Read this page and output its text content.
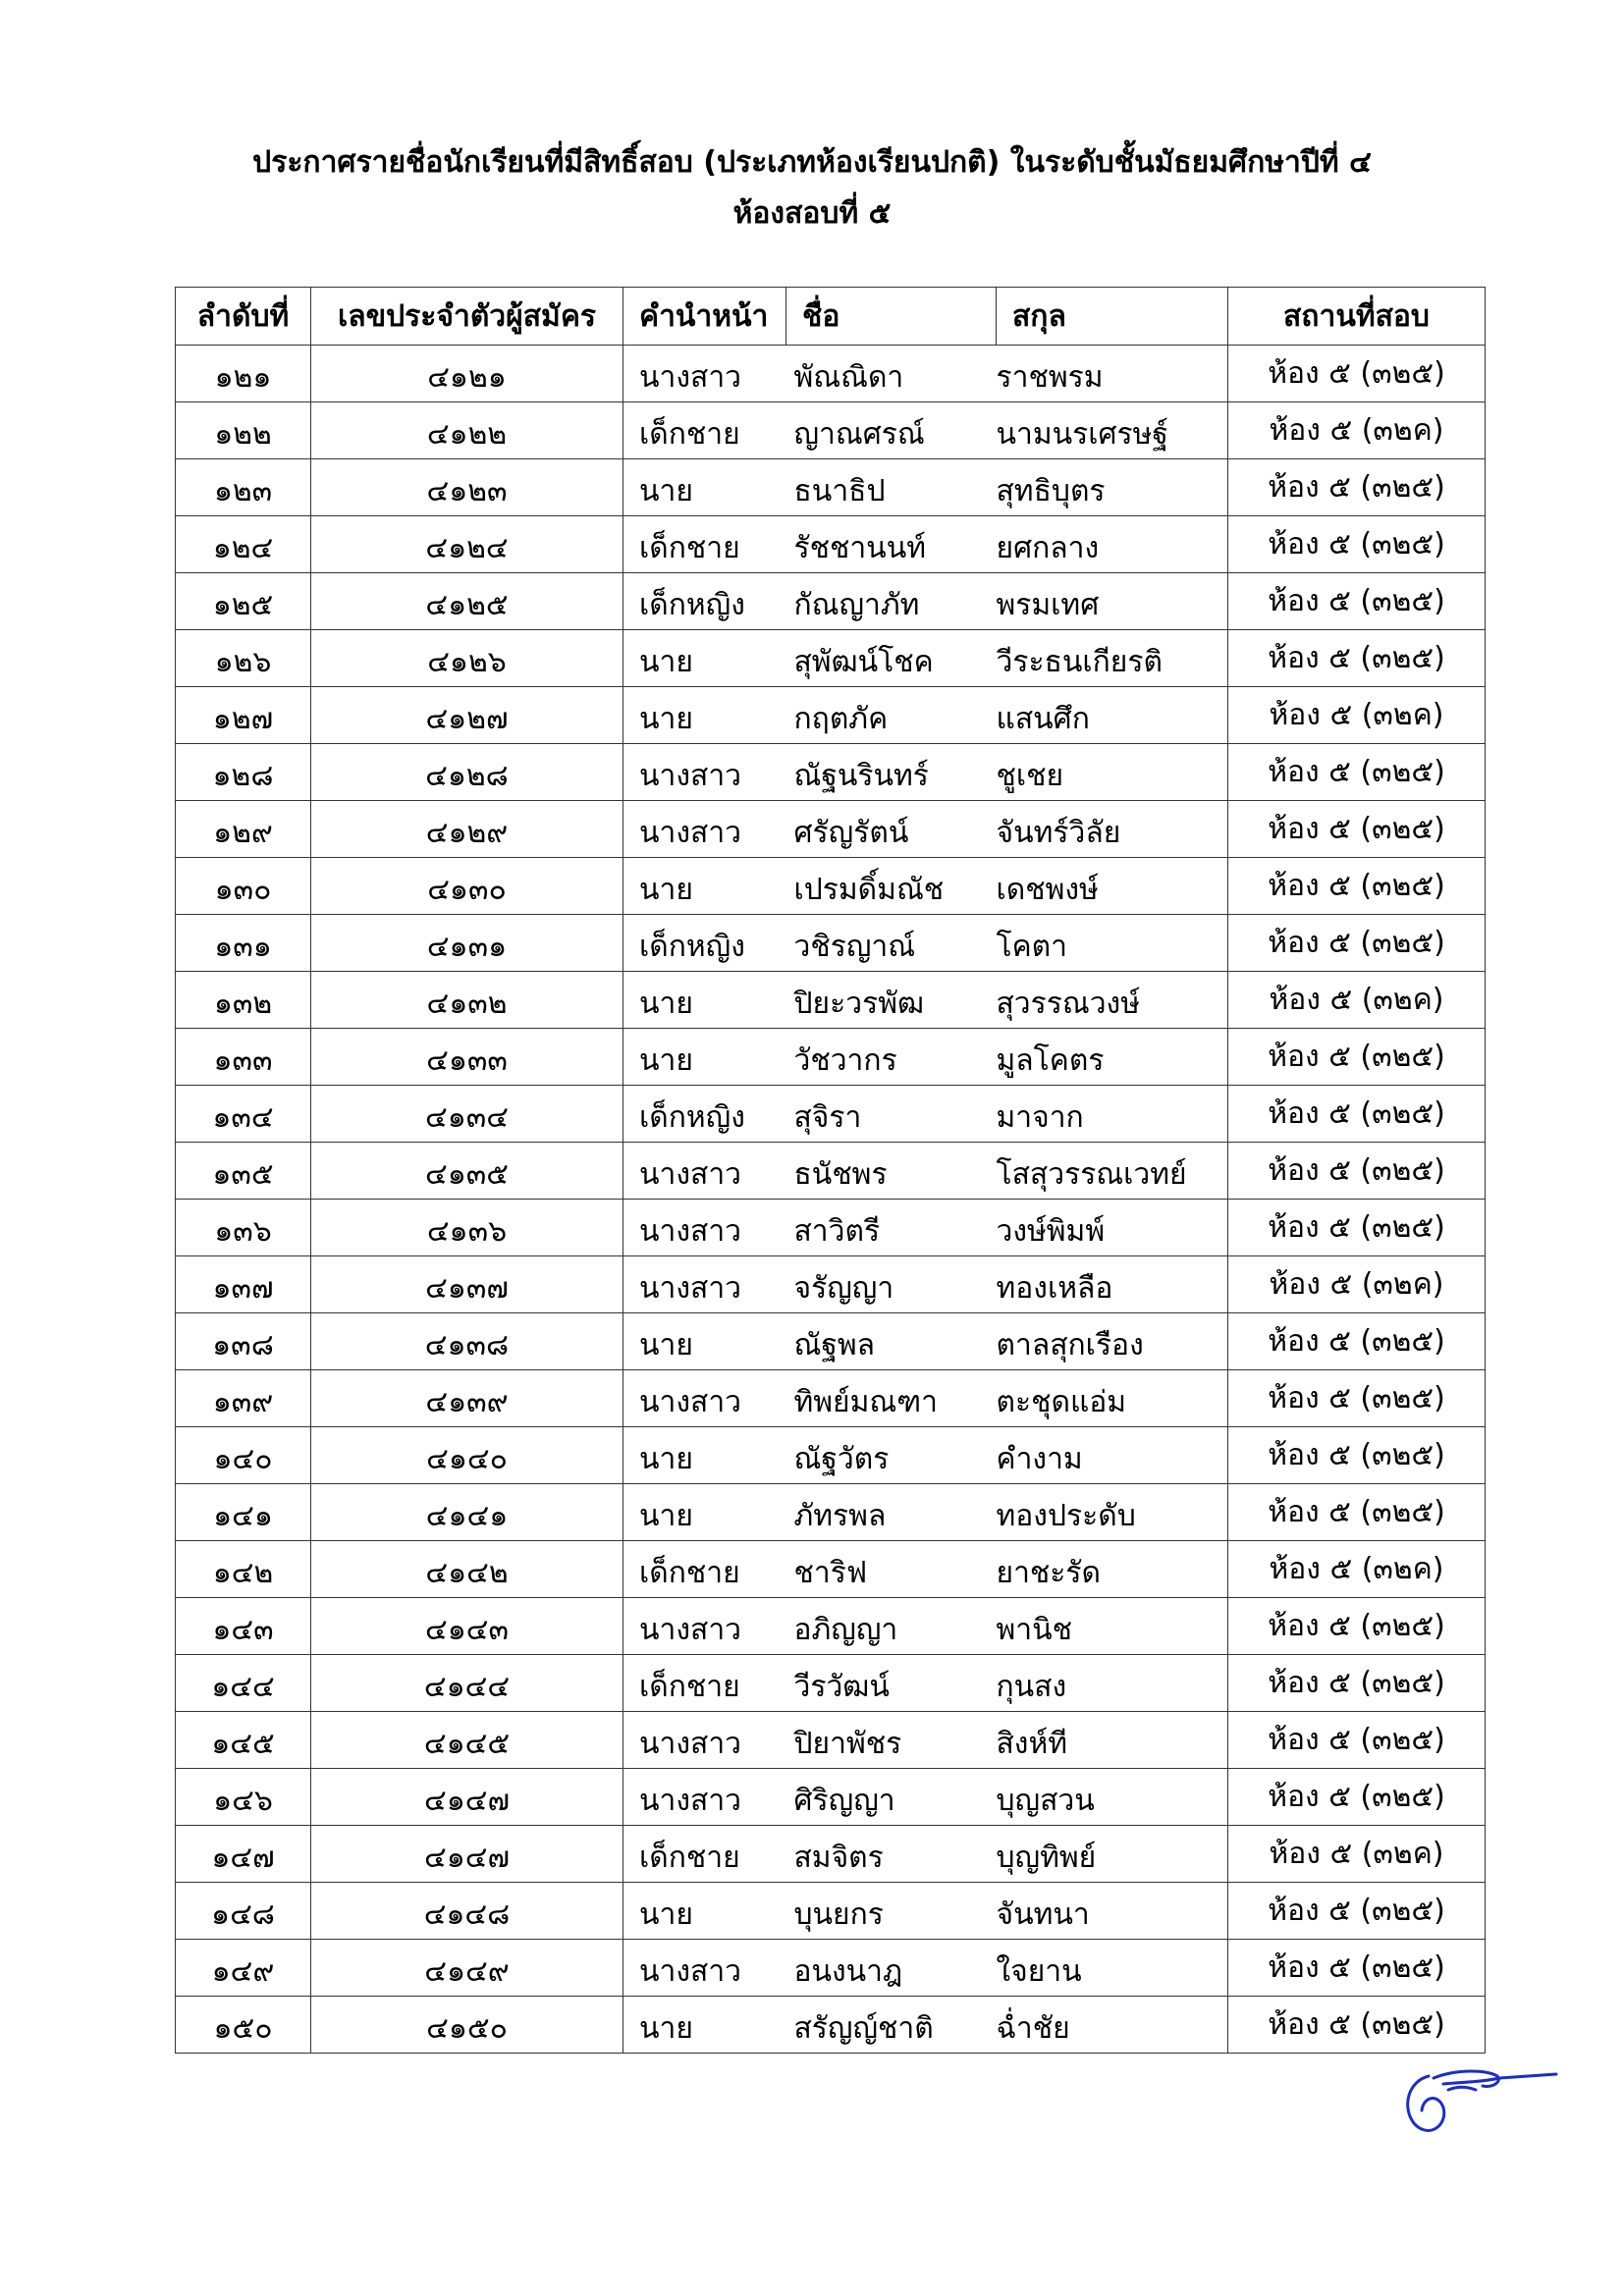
ประกาศรายชื่อนักเรียนที่มีสิทธิ์สอบ (ประเภทห้องเรียนปกติ) ในระดับชั้นมัธยมศึกษาปีที่ ๔
ห้องสอบที่ ๕
ลำดับที่	เลขประจำตัวผู้สมัคร	คำนำหน้า	ชื่อ	สกุล	สถานที่สอบ
๑๒๑	๔๑๒๑	นางสาว	พัณณิดา	ราชพรม	ห้อง ๕ (๓๒๕)
๑๒๒	๔๑๒๒	เด็กชาย	ญาณศรณ์	นามนรเศรษฐ์	ห้อง ๕ (๓๒ค)
๑๒๓	๔๑๒๓	นาย	ธนาธิป	สุทธิบุตร	ห้อง ๕ (๓๒๕)
๑๒๔	๔๑๒๔	เด็กชาย	รัชชานนท์	ยศกลาง	ห้อง ๕ (๓๒๕)
๑๒๕	๔๑๒๕	เด็กหญิง	กัณญาภัท	พรมเทศ	ห้อง ๕ (๓๒๕)
๑๒๖	๔๑๒๖	นาย	สุพัฒน์โชค	วีระธนเกียรติ	ห้อง ๕ (๓๒๕)
๑๒๗	๔๑๒๗	นาย	กฤตภัค	แสนศึก	ห้อง ๕ (๓๒ค)
๑๒๘	๔๑๒๘	นางสาว	ณัฐนรินทร์	ชูเชย	ห้อง ๕ (๓๒๕)
๑๒๙	๔๑๒๙	นางสาว	ศรัญรัตน์	จันทร์วิลัย	ห้อง ๕ (๓๒๕)
๑๓๐	๔๑๓๐	นาย	เปรมดิ์มณัช	เดชพงษ์	ห้อง ๕ (๓๒๕)
๑๓๑	๔๑๓๑	เด็กหญิง	วชิรญาณ์	โคตา	ห้อง ๕ (๓๒๕)
๑๓๒	๔๑๓๒	นาย	ปิยะวรพัฒ	สุวรรณวงษ์	ห้อง ๕ (๓๒ค)
๑๓๓	๔๑๓๓	นาย	วัชวากร	มูลโคตร	ห้อง ๕ (๓๒๕)
๑๓๔	๔๑๓๔	เด็กหญิง	สุจิรา	มาจาก	ห้อง ๕ (๓๒๕)
๑๓๕	๔๑๓๕	นางสาว	ธนัชพร	โสสุวรรณเวทย์	ห้อง ๕ (๓๒๕)
๑๓๖	๔๑๓๖	นางสาว	สาวิตรี	วงษ์พิมพ์	ห้อง ๕ (๓๒๕)
๑๓๗	๔๑๓๗	นางสาว	จรัญญา	ทองเหลือ	ห้อง ๕ (๓๒ค)
๑๓๘	๔๑๓๘	นาย	ณัฐพล	ตาลสุกเรือง	ห้อง ๕ (๓๒๕)
๑๓๙	๔๑๓๙	นางสาว	ทิพย์มณฑา	ตะชุดแอ่ม	ห้อง ๕ (๓๒๕)
๑๔๐	๔๑๔๐	นาย	ณัฐวัตร	คำงาม	ห้อง ๕ (๓๒๕)
๑๔๑	๔๑๔๑	นาย	ภัทรพล	ทองประดับ	ห้อง ๕ (๓๒๕)
๑๔๒	๔๑๔๒	เด็กชาย	ชาริฟ	ยาชะรัด	ห้อง ๕ (๓๒ค)
๑๔๓	๔๑๔๓	นางสาว	อภิญญา	พานิช	ห้อง ๕ (๓๒๕)
๑๔๔	๔๑๔๔	เด็กชาย	วีรวัฒน์	กุนสง	ห้อง ๕ (๓๒๕)
๑๔๕	๔๑๔๕	นางสาว	ปิยาพัชร	สิงห์ที	ห้อง ๕ (๓๒๕)
๑๔๖	๔๑๔๗	นางสาว	ศิริญญา	บุญสวน	ห้อง ๕ (๓๒๕)
๑๔๗	๔๑๔๗	เด็กชาย	สมจิตร	บุญทิพย์	ห้อง ๕ (๓๒ค)
๑๔๘	๔๑๔๘	นาย	บุนยกร	จันทนา	ห้อง ๕ (๓๒๕)
๑๔๙	๔๑๔๙	นางสาว	อนงนาฎ	ใจยาน	ห้อง ๕ (๓๒๕)
๑๕๐	๔๑๕๐	นาย	สรัญญ์ชาติ	ฉ่ำชัย	ห้อง ๕ (๓๒๕)
